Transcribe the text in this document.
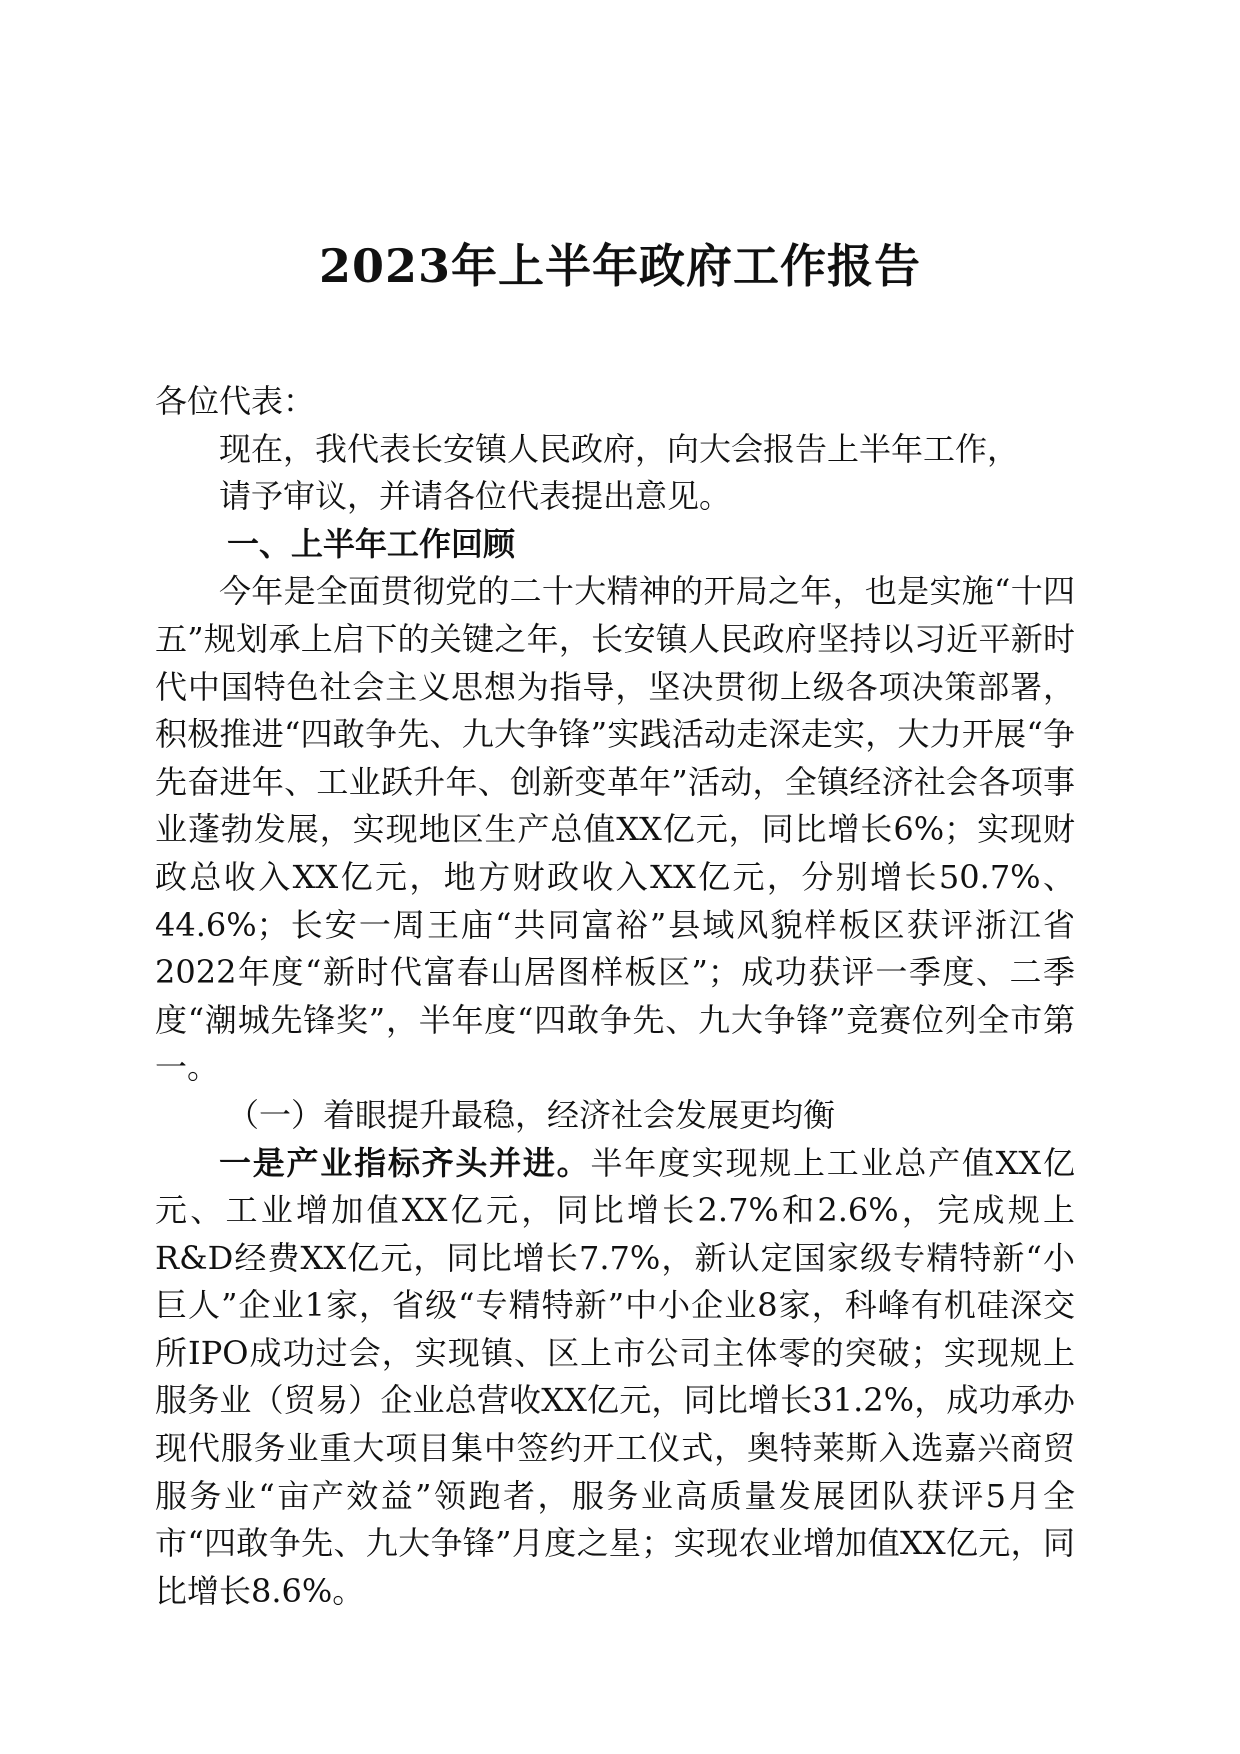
2023年上半年政府工作报告

各位代表：

现在，我代表长安镇人民政府，向大会报告上半年工作，

请予审议，并请各位代表提出意见。

一、上半年工作回顾

今年是全面贯彻党的二十大精神的开局之年，也是实施“十四五”规划承上启下的关键之年，长安镇人民政府坚持以习近平新时代中国特色社会主义思想为指导，坚决贯彻上级各项决策部署，积极推进“四敢争先、九大争锋”实践活动走深走实，大力开展“争先奋进年、工业跃升年、创新变革年”活动，全镇经济社会各项事业蓬勃发展，实现地区生产总值XX亿元，同比增长6%；实现财政总收入XX亿元，地方财政收入XX亿元，分别增长50.7%、44.6%；长安一周王庙“共同富裕”县域风貌样板区获评浙江省2022年度“新时代富春山居图样板区”；成功获评一季度、二季度“潮城先锋奖”，半年度“四敢争先、九大争锋”竞赛位列全市第一。

（一）着眼提升最稳，经济社会发展更均衡

一是产业指标齐头并进。半年度实现规上工业总产值XX亿元、工业增加值XX亿元，同比增长2.7%和2.6%，完成规上R&D经费XX亿元，同比增长7.7%，新认定国家级专精特新“小巨人”企业1家，省级“专精特新”中小企业8家，科峰有机硅深交所IPO成功过会，实现镇、区上市公司主体零的突破；实现规上服务业（贸易）企业总营收XX亿元，同比增长31.2%，成功承办现代服务业重大项目集中签约开工仪式，奥特莱斯入选嘉兴商贸服务业“亩产效益”领跑者，服务业高质量发展团队获评5月全市“四敢争先、九大争锋”月度之星；实现农业增加值XX亿元，同比增长8.6%。
